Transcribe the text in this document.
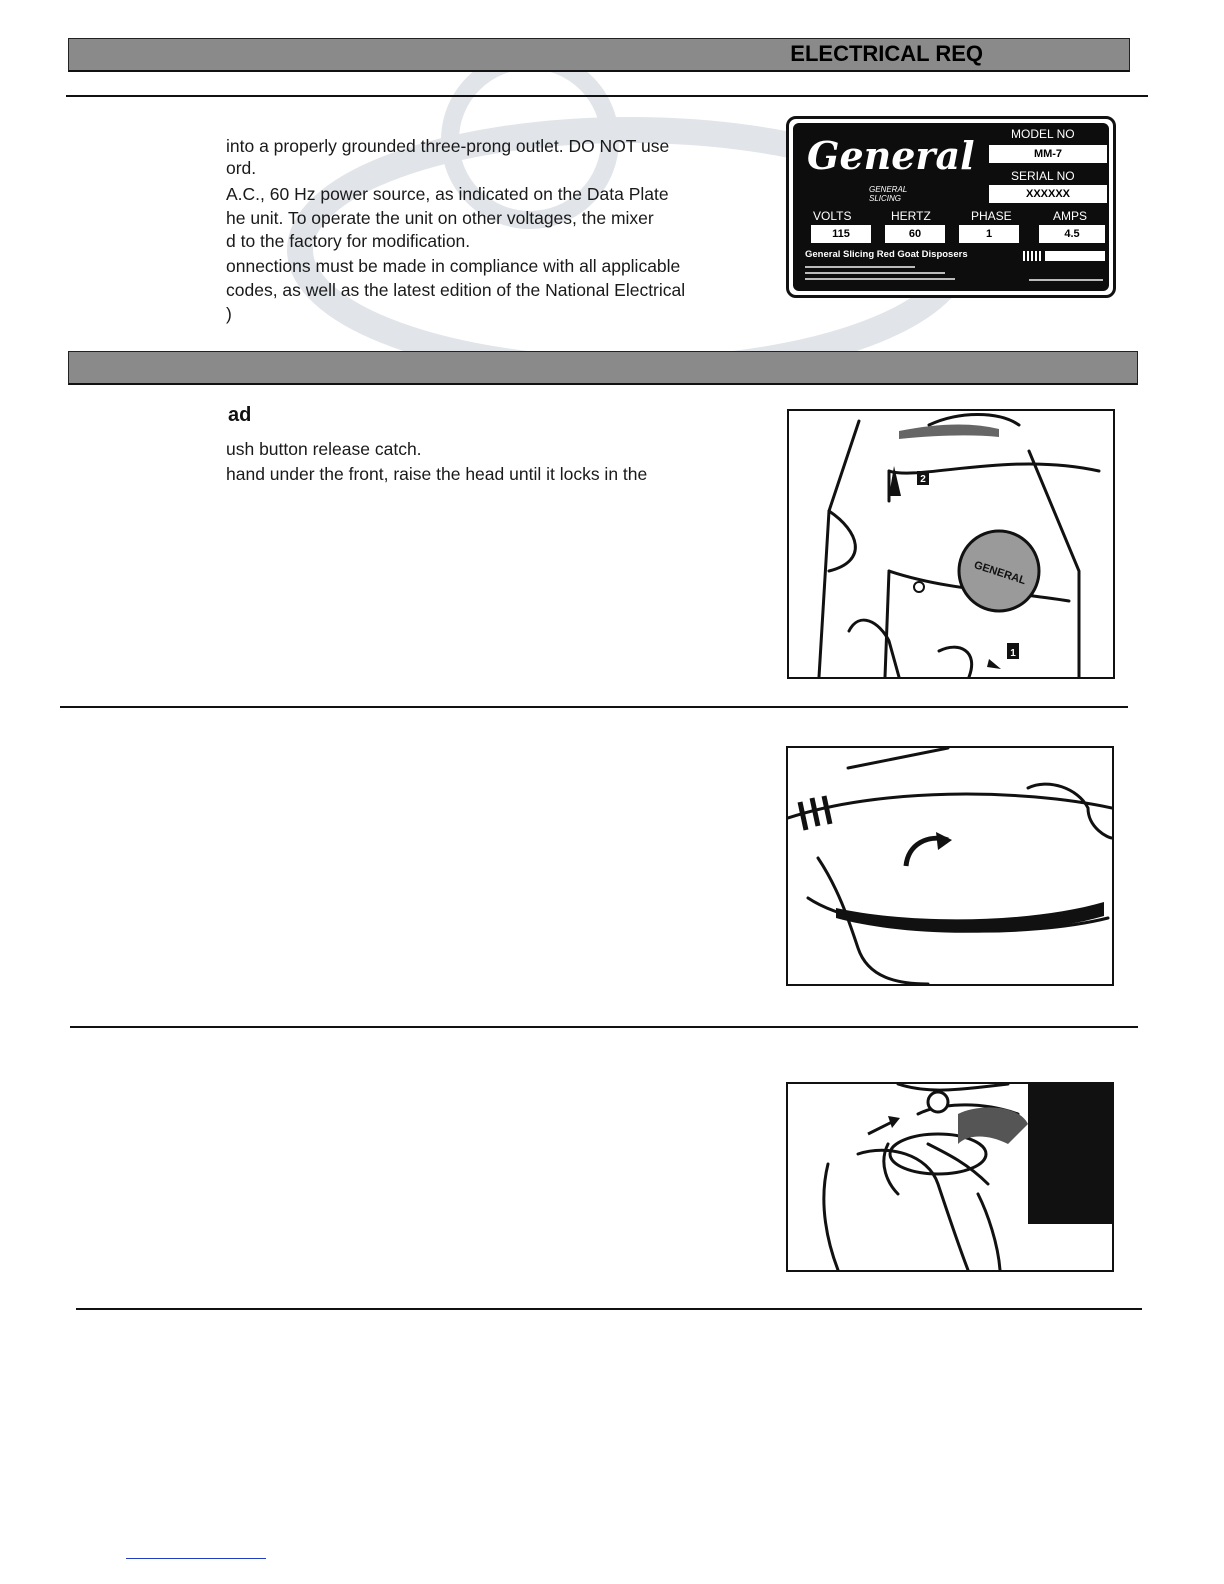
ELECTRICAL REQ
into a properly grounded three-prong outlet. DO NOT use
ord.
A.C., 60 Hz power source, as indicated on the Data Plate
he unit. To operate the unit on other voltages, the mixer
d to the factory for modification.
onnections must be made in compliance with all applicable
codes, as well as the latest edition of the National Electrical
)
General
GENERAL SLICING
MODEL NO
MM-7
SERIAL NO
XXXXXX
VOLTS	HERTZ	PHASE	AMPS
115	60	1	4.5
General Slicing Red Goat Disposers
ad
ush button release catch.
hand under the front, raise the head until it locks in the	2
GENERAL
1
